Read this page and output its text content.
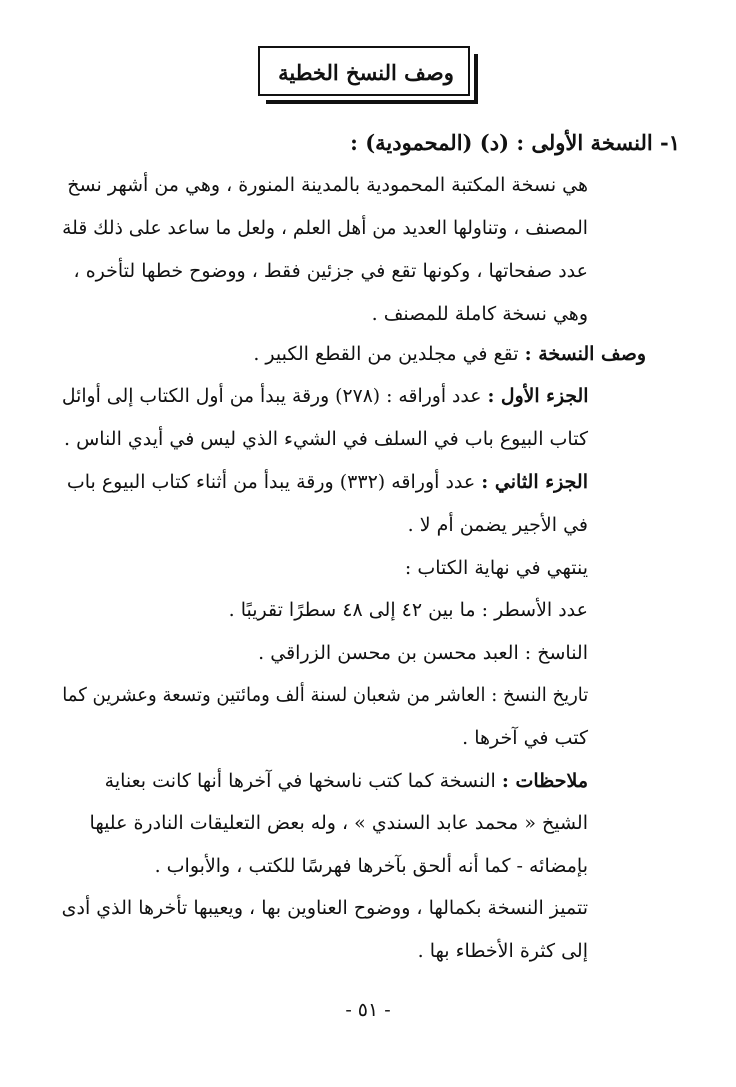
وصف النسخ الخطية
١- النسخة الأولى : (د) (المحمودية) :
هي نسخة المكتبة المحمودية بالمدينة المنورة ، وهي من أشهر نسخ
المصنف ، وتناولها العديد من أهل العلم ، ولعل ما ساعد على ذلك قلة
عدد صفحاتها ، وكونها تقع في جزئين فقط ، ووضوح خطها لتأخره ،
وهي نسخة كاملة للمصنف .
وصف النسخة : تقع في مجلدين من القطع الكبير .
الجزء الأول : عدد أوراقه : (٢٧٨) ورقة يبدأ من أول الكتاب إلى أوائل
كتاب البيوع باب في السلف في الشيء الذي ليس في أيدي الناس .
الجزء الثاني : عدد أوراقه (٣٣٢) ورقة يبدأ من أثناء كتاب البيوع باب
في الأجير يضمن أم لا .
ينتهي في نهاية الكتاب :
عدد الأسطر : ما بين ٤٢ إلى ٤٨ سطرًا تقريبًا .
الناسخ : العبد محسن بن محسن الزراقي .
تاريخ النسخ : العاشر من شعبان لسنة ألف ومائتين وتسعة وعشرين كما
كتب في آخرها .
ملاحظات : النسخة كما كتب ناسخها في آخرها أنها كانت بعناية
الشيخ « محمد عابد السندي » ، وله بعض التعليقات النادرة عليها
بإمضائه - كما أنه ألحق بآخرها فهرسًا للكتب ، والأبواب .
تتميز النسخة بكمالها ، ووضوح العناوين بها ، ويعيبها تأخرها الذي أدى
إلى كثرة الأخطاء بها .
- ٥١ -
